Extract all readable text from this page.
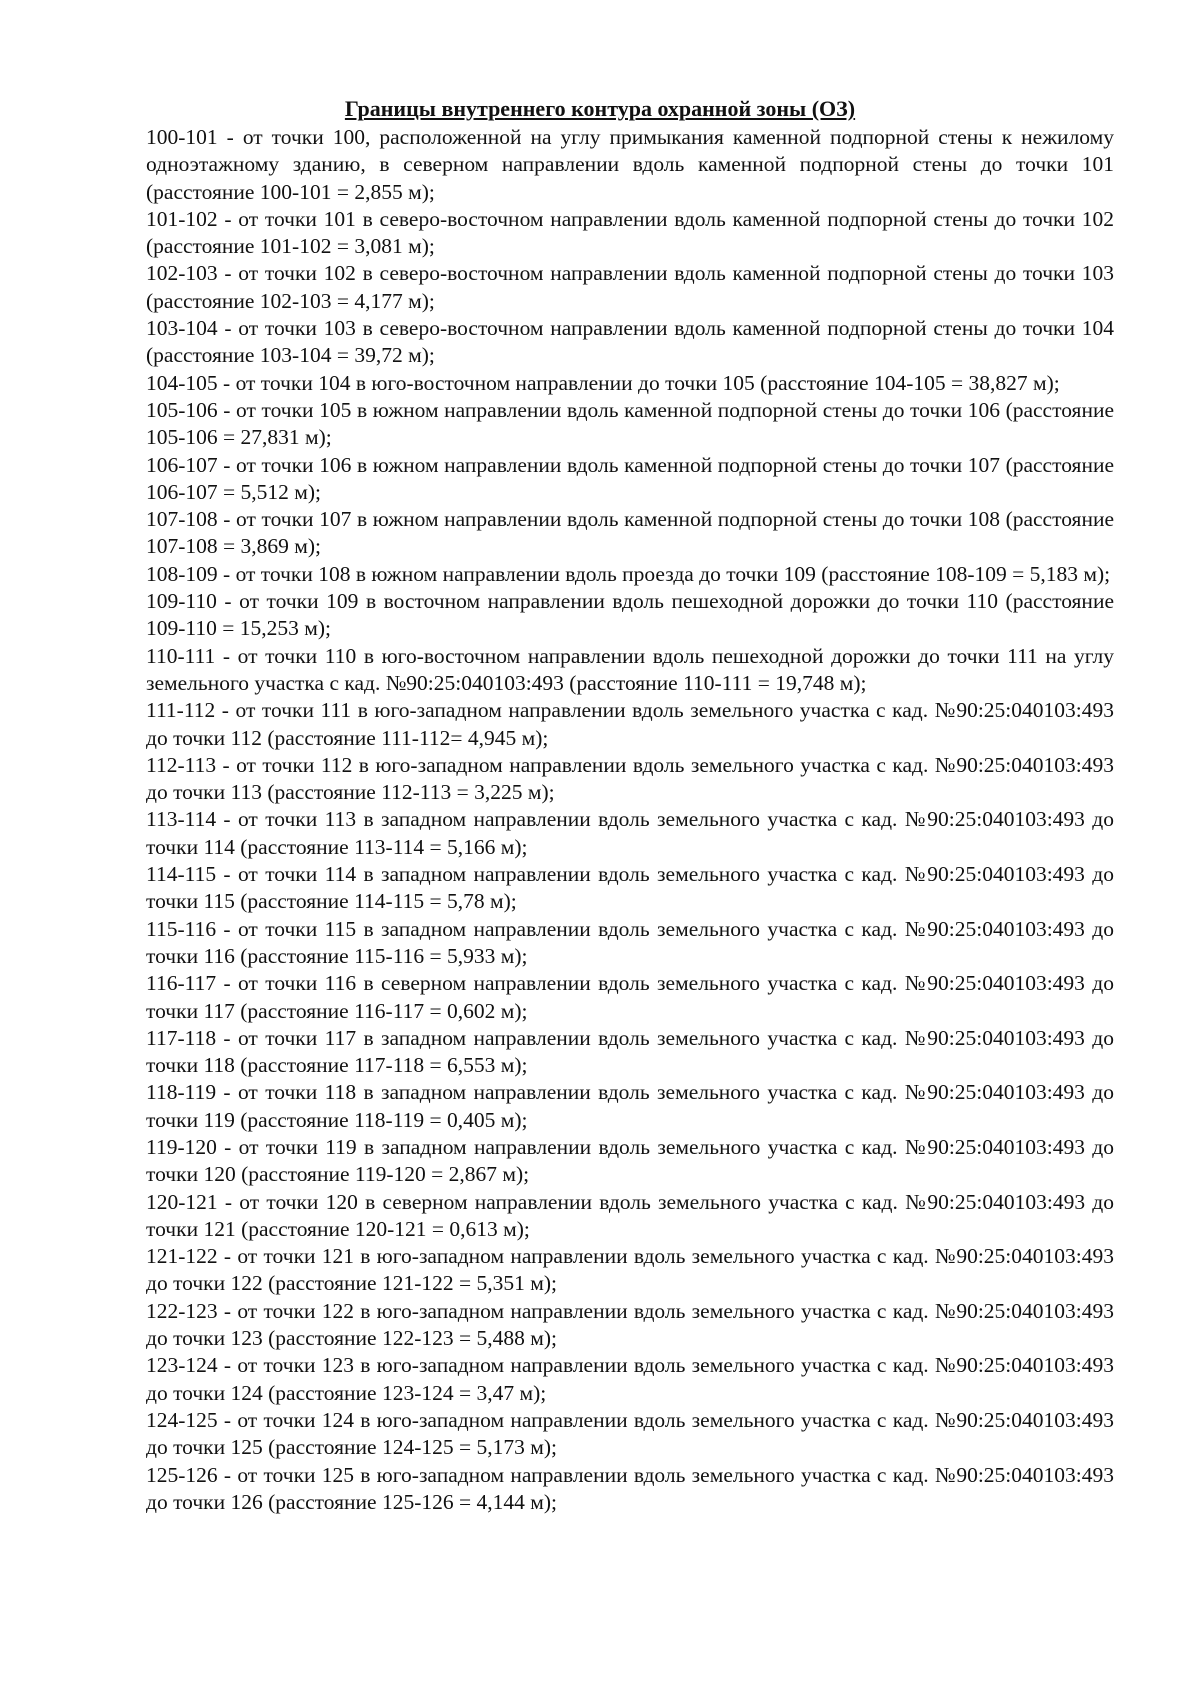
Границы внутреннего контура охранной зоны (ОЗ)

100-101 - от точки 100, расположенной на углу примыкания каменной подпорной стены к нежилому одноэтажному зданию, в северном направлении вдоль каменной подпорной стены до точки 101 (расстояние 100-101 = 2,855 м);

101-102 - от точки 101 в северо-восточном направлении вдоль каменной подпорной стены до точки 102 (расстояние 101-102 = 3,081 м);

102-103 - от точки 102 в северо-восточном направлении вдоль каменной подпорной стены до точки 103 (расстояние 102-103 = 4,177 м);

103-104 - от точки 103 в северо-восточном направлении вдоль каменной подпорной стены до точки 104 (расстояние 103-104 = 39,72 м);

104-105 - от точки 104 в юго-восточном направлении до точки 105 (расстояние 104-105 = 38,827 м);

105-106 - от точки 105 в южном направлении вдоль каменной подпорной стены до точки 106 (расстояние 105-106 = 27,831 м);

106-107 - от точки 106 в южном направлении вдоль каменной подпорной стены до точки 107 (расстояние 106-107 = 5,512 м);

107-108 - от точки 107 в южном направлении вдоль каменной подпорной стены до точки 108 (расстояние 107-108 = 3,869 м);

108-109 - от точки 108 в южном направлении вдоль проезда до точки 109 (расстояние 108-109 = 5,183 м);

109-110 - от точки 109 в восточном направлении вдоль пешеходной дорожки до точки 110 (расстояние 109-110 = 15,253 м);

110-111 - от точки 110 в юго-восточном направлении вдоль пешеходной дорожки до точки 111 на углу земельного участка с кад. №90:25:040103:493 (расстояние 110-111 = 19,748 м);

111-112 - от точки 111 в юго-западном направлении вдоль земельного участка с кад. №90:25:040103:493 до точки 112 (расстояние 111-112= 4,945 м);

112-113 - от точки 112 в юго-западном направлении вдоль земельного участка с кад. №90:25:040103:493 до точки 113 (расстояние 112-113 = 3,225 м);

113-114 - от точки 113 в западном направлении вдоль земельного участка с кад. №90:25:040103:493 до точки 114 (расстояние 113-114 = 5,166 м);

114-115 - от точки 114 в западном направлении вдоль земельного участка с кад. №90:25:040103:493 до точки 115 (расстояние 114-115 = 5,78 м);

115-116 - от точки 115 в западном направлении вдоль земельного участка с кад. №90:25:040103:493 до точки 116 (расстояние 115-116 = 5,933 м);

116-117 - от точки 116 в северном направлении вдоль земельного участка с кад. №90:25:040103:493 до точки 117 (расстояние 116-117 = 0,602 м);

117-118 - от точки 117 в западном направлении вдоль земельного участка с кад. №90:25:040103:493 до точки 118 (расстояние 117-118 = 6,553 м);

118-119 - от точки 118 в западном направлении вдоль земельного участка с кад. №90:25:040103:493 до точки 119 (расстояние 118-119 = 0,405 м);

119-120 - от точки 119 в западном направлении вдоль земельного участка с кад. №90:25:040103:493 до точки 120 (расстояние 119-120 = 2,867 м);

120-121 - от точки 120 в северном направлении вдоль земельного участка с кад. №90:25:040103:493 до точки 121 (расстояние 120-121 = 0,613 м);

121-122 - от точки 121 в юго-западном направлении вдоль земельного участка с кад. №90:25:040103:493 до точки 122 (расстояние 121-122 = 5,351 м);

122-123 - от точки 122 в юго-западном направлении вдоль земельного участка с кад. №90:25:040103:493 до точки 123 (расстояние 122-123 = 5,488 м);

123-124 - от точки 123 в юго-западном направлении вдоль земельного участка с кад. №90:25:040103:493 до точки 124 (расстояние 123-124 = 3,47 м);

124-125 - от точки 124 в юго-западном направлении вдоль земельного участка с кад. №90:25:040103:493 до точки 125 (расстояние 124-125 = 5,173 м);

125-126 - от точки 125 в юго-западном направлении вдоль земельного участка с кад. №90:25:040103:493 до точки 126 (расстояние 125-126 = 4,144 м);
